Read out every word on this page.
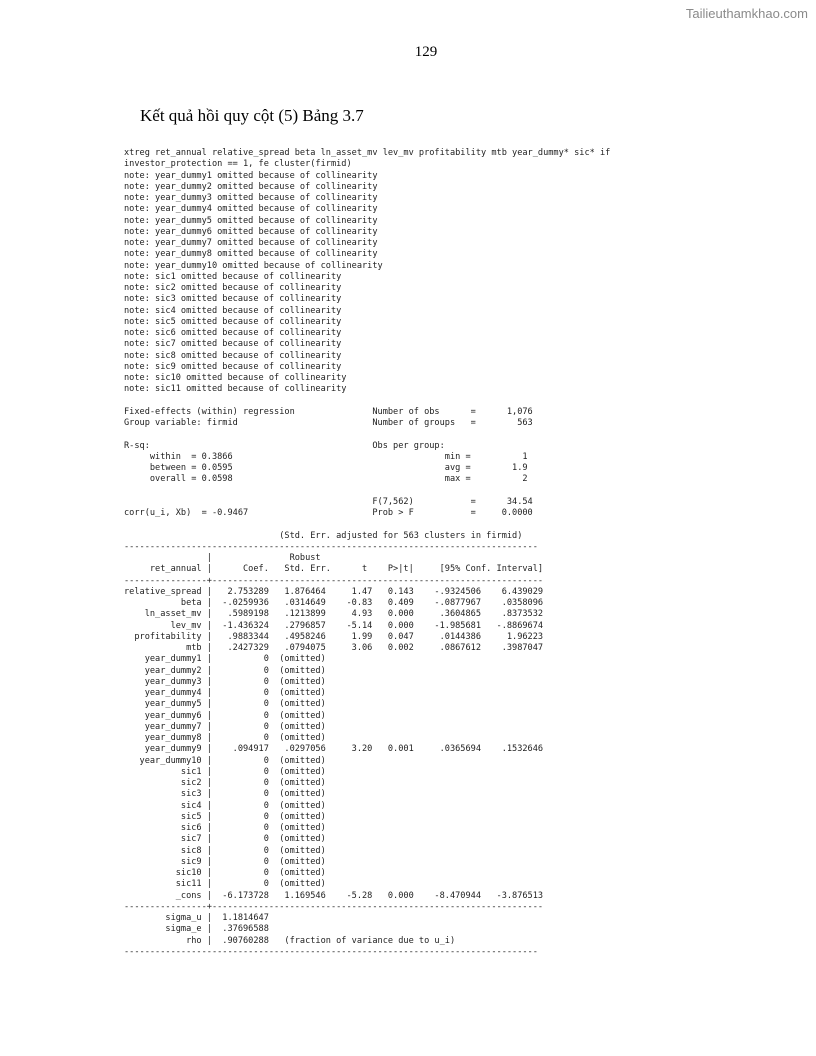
Tailieuthamkhao.com
129
Kết quả hồi quy cột (5) Bảng 3.7
xtreg ret_annual relative_spread beta ln_asset_mv lev_mv profitability mtb year_dummy* sic* if
investor_protection == 1, fe cluster(firmid)
note: year_dummy1 omitted because of collinearity
note: year_dummy2 omitted because of collinearity
note: year_dummy3 omitted because of collinearity
note: year_dummy4 omitted because of collinearity
note: year_dummy5 omitted because of collinearity
note: year_dummy6 omitted because of collinearity
note: year_dummy7 omitted because of collinearity
note: year_dummy8 omitted because of collinearity
note: year_dummy10 omitted because of collinearity
note: sic1 omitted because of collinearity
note: sic2 omitted because of collinearity
note: sic3 omitted because of collinearity
note: sic4 omitted because of collinearity
note: sic5 omitted because of collinearity
note: sic6 omitted because of collinearity
note: sic7 omitted because of collinearity
note: sic8 omitted because of collinearity
note: sic9 omitted because of collinearity
note: sic10 omitted because of collinearity
note: sic11 omitted because of collinearity
Fixed-effects (within) regression               Number of obs      =      1,076
Group variable: firmid                          Number of groups   =        563
R-sq:                                           Obs per group:
within  = 0.3866                                         min =          1
between = 0.0595                                         avg =        1.9
overall = 0.0598                                         max =          2
F(7,562)           =      34.54
corr(u_i, Xb)  = -0.9467                        Prob > F           =     0.0000
(Std. Err. adjusted for 563 clusters in firmid)
--------------------------------------------------------------------------------
|               Robust
ret_annual |      Coef.   Std. Err.      t    P>|t|     [95% Conf. Interval]
----------------+----------------------------------------------------------------
relative_spread |   2.753289   1.876464     1.47   0.143    -.9324506    6.439029
beta |  -.0259936   .0314649    -0.83   0.409    -.0877967    .0358096
ln_asset_mv |   .5989198   .1213899     4.93   0.000     .3604865    .8373532
lev_mv |  -1.436324   .2796857    -5.14   0.000    -1.985681   -.8869674
profitability |   .9883344   .4958246     1.99   0.047     .0144386     1.96223
mtb |   .2427329   .0794075     3.06   0.002     .0867612    .3987047
year_dummy1 |          0  (omitted)
year_dummy2 |          0  (omitted)
year_dummy3 |          0  (omitted)
year_dummy4 |          0  (omitted)
year_dummy5 |          0  (omitted)
year_dummy6 |          0  (omitted)
year_dummy7 |          0  (omitted)
year_dummy8 |          0  (omitted)
year_dummy9 |    .094917   .0297056     3.20   0.001     .0365694    .1532646
year_dummy10 |          0  (omitted)
sic1 |          0  (omitted)
sic2 |          0  (omitted)
sic3 |          0  (omitted)
sic4 |          0  (omitted)
sic5 |          0  (omitted)
sic6 |          0  (omitted)
sic7 |          0  (omitted)
sic8 |          0  (omitted)
sic9 |          0  (omitted)
sic10 |          0  (omitted)
sic11 |          0  (omitted)
_cons |  -6.173728   1.169546    -5.28   0.000    -8.470944   -3.876513
----------------+----------------------------------------------------------------
sigma_u |  1.1814647
sigma_e |  .37696588
rho |  .90760288   (fraction of variance due to u_i)
--------------------------------------------------------------------------------
